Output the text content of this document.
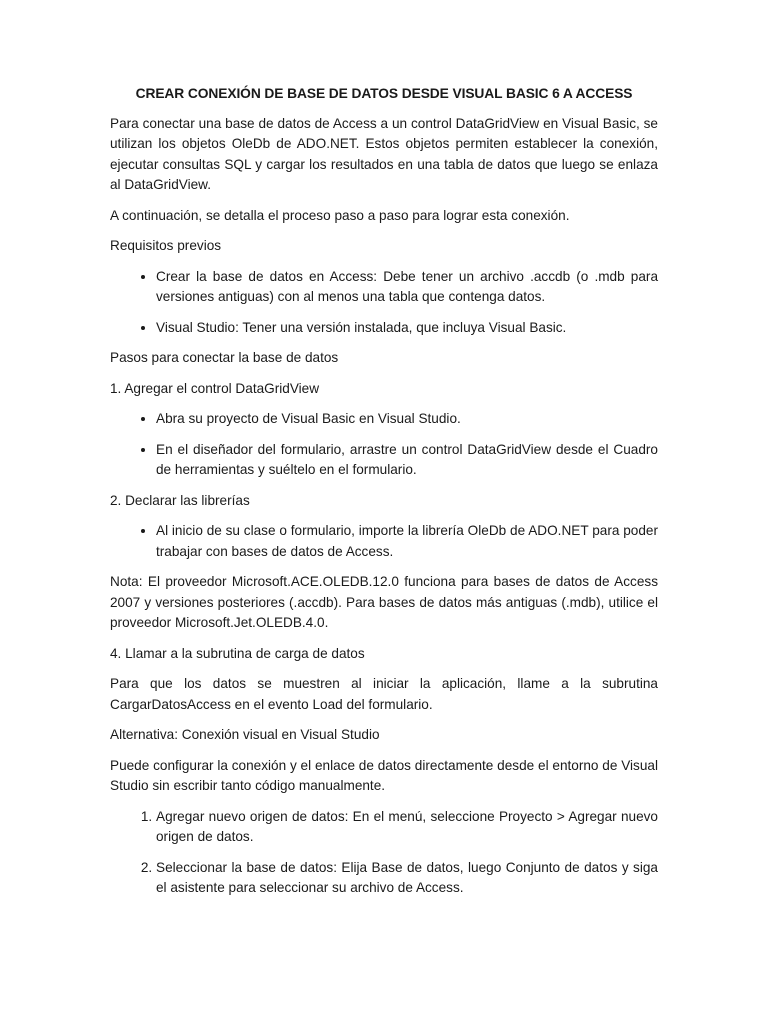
CREAR CONEXIÓN DE BASE DE DATOS DESDE VISUAL BASIC 6 A ACCESS

Para conectar una base de datos de Access a un control DataGridView en Visual Basic, se utilizan los objetos OleDb de ADO.NET. Estos objetos permiten establecer la conexión, ejecutar consultas SQL y cargar los resultados en una tabla de datos que luego se enlaza al DataGridView.

A continuación, se detalla el proceso paso a paso para lograr esta conexión.

Requisitos previos

• Crear la base de datos en Access: Debe tener un archivo .accdb (o .mdb para versiones antiguas) con al menos una tabla que contenga datos.
• Visual Studio: Tener una versión instalada, que incluya Visual Basic.

Pasos para conectar la base de datos

1. Agregar el control DataGridView

• Abra su proyecto de Visual Basic en Visual Studio.
• En el diseñador del formulario, arrastre un control DataGridView desde el Cuadro de herramientas y suéltelo en el formulario.

2. Declarar las librerías

• Al inicio de su clase o formulario, importe la librería OleDb de ADO.NET para poder trabajar con bases de datos de Access.

Nota: El proveedor Microsoft.ACE.OLEDB.12.0 funciona para bases de datos de Access 2007 y versiones posteriores (.accdb). Para bases de datos más antiguas (.mdb), utilice el proveedor Microsoft.Jet.OLEDB.4.0.

4. Llamar a la subrutina de carga de datos

Para que los datos se muestren al iniciar la aplicación, llame a la subrutina CargarDatosAccess en el evento Load del formulario.

Alternativa: Conexión visual en Visual Studio

Puede configurar la conexión y el enlace de datos directamente desde el entorno de Visual Studio sin escribir tanto código manualmente.

1. Agregar nuevo origen de datos: En el menú, seleccione Proyecto > Agregar nuevo origen de datos.
2. Seleccionar la base de datos: Elija Base de datos, luego Conjunto de datos y siga el asistente para seleccionar su archivo de Access.
